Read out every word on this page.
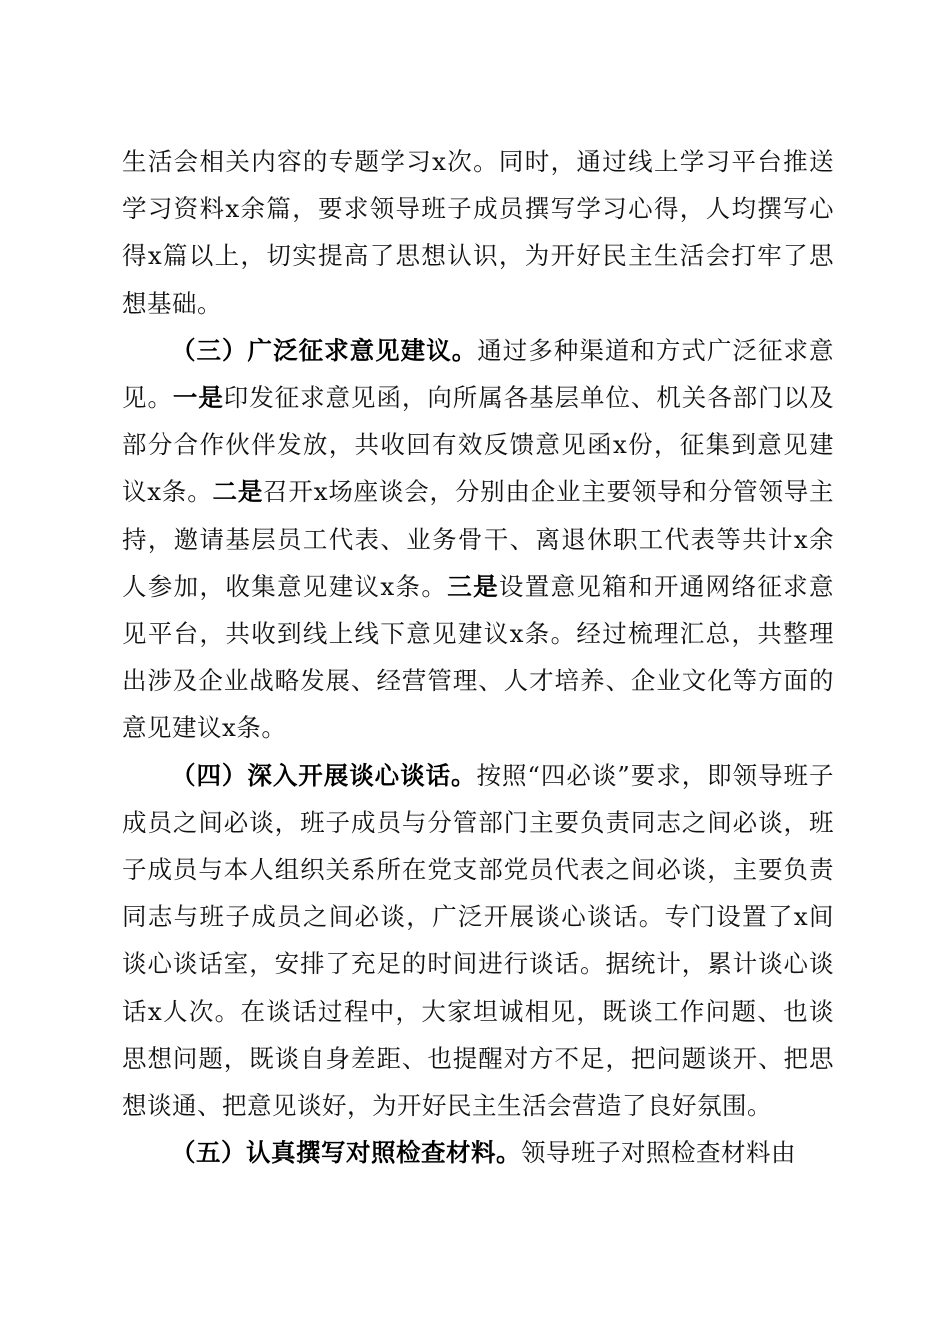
生活会相关内容的专题学习x次。同时，通过线上学习平台推送学习资料x余篇，要求领导班子成员撰写学习心得，人均撰写心得x篇以上，切实提高了思想认识，为开好民主生活会打牢了思想基础。

（三）广泛征求意见建议。通过多种渠道和方式广泛征求意见。一是印发征求意见函，向所属各基层单位、机关各部门以及部分合作伙伴发放，共收回有效反馈意见函x份，征集到意见建议x条。二是召开x场座谈会，分别由企业主要领导和分管领导主持，邀请基层员工代表、业务骨干、离退休职工代表等共计x余人参加，收集意见建议x条。三是设置意见箱和开通网络征求意见平台，共收到线上线下意见建议x条。经过梳理汇总，共整理出涉及企业战略发展、经营管理、人才培养、企业文化等方面的意见建议x条。

（四）深入开展谈心谈话。按照“四必谈”要求，即领导班子成员之间必谈，班子成员与分管部门主要负责同志之间必谈，班子成员与本人组织关系所在党支部党员代表之间必谈，主要负责同志与班子成员之间必谈，广泛开展谈心谈话。专门设置了x间谈心谈话室，安排了充足的时间进行谈话。据统计，累计谈心谈话x人次。在谈话过程中，大家坦诚相见，既谈工作问题、也谈思想问题，既谈自身差距、也提醒对方不足，把问题谈开、把思想谈通、把意见谈好，为开好民主生活会营造了良好氛围。

（五）认真撰写对照检查材料。领导班子对照检查材料由
